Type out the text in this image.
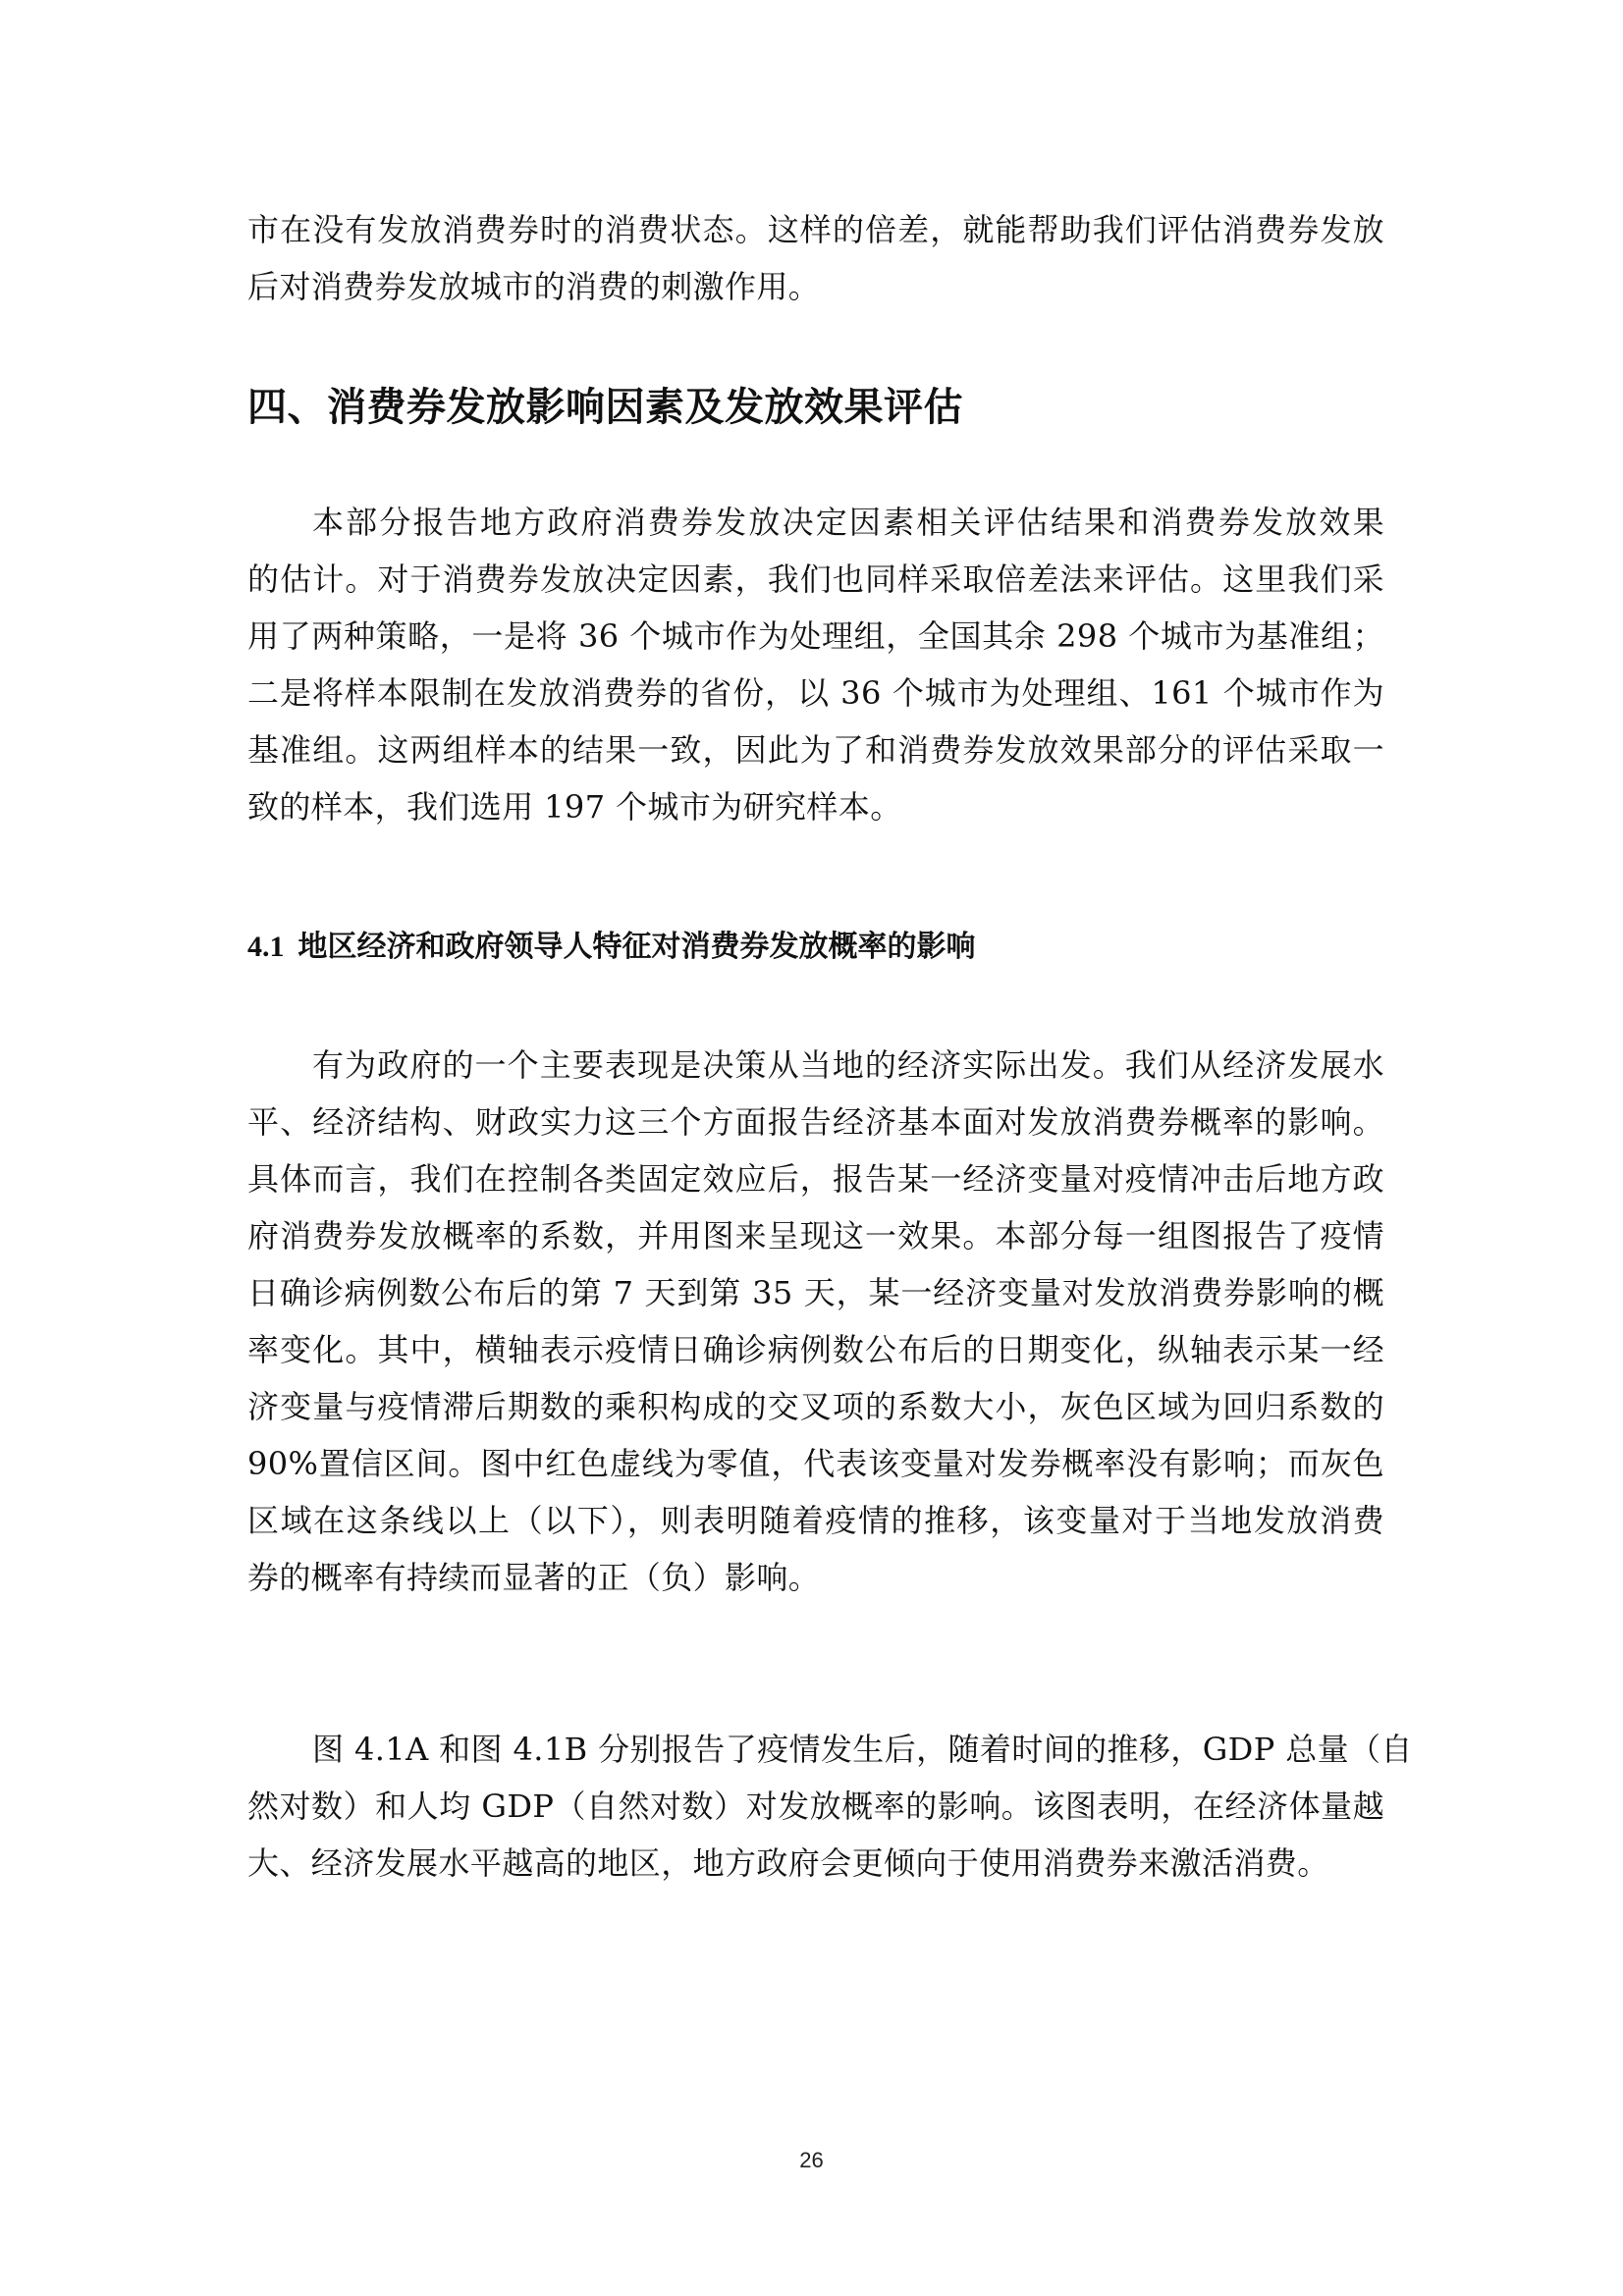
市在没有发放消费券时的消费状态。这样的倍差，就能帮助我们评估消费券发放
后对消费券发放城市的消费的刺激作用。
四、消费券发放影响因素及发放效果评估
本部分报告地方政府消费券发放决定因素相关评估结果和消费券发放效果
的估计。对于消费券发放决定因素，我们也同样采取倍差法来评估。这里我们采
用了两种策略，一是将 36 个城市作为处理组，全国其余 298 个城市为基准组；
二是将样本限制在发放消费券的省份，以 36 个城市为处理组、161 个城市作为
基准组。这两组样本的结果一致，因此为了和消费券发放效果部分的评估采取一
致的样本，我们选用 197 个城市为研究样本。
4.1 地区经济和政府领导人特征对消费券发放概率的影响
有为政府的一个主要表现是决策从当地的经济实际出发。我们从经济发展水
平、经济结构、财政实力这三个方面报告经济基本面对发放消费券概率的影响。
具体而言，我们在控制各类固定效应后，报告某一经济变量对疫情冲击后地方政
府消费券发放概率的系数，并用图来呈现这一效果。本部分每一组图报告了疫情
日确诊病例数公布后的第 7 天到第 35 天，某一经济变量对发放消费券影响的概
率变化。其中，横轴表示疫情日确诊病例数公布后的日期变化，纵轴表示某一经
济变量与疫情滞后期数的乘积构成的交叉项的系数大小，灰色区域为回归系数的
90%置信区间。图中红色虚线为零值，代表该变量对发券概率没有影响；而灰色
区域在这条线以上（以下），则表明随着疫情的推移，该变量对于当地发放消费
券的概率有持续而显著的正（负）影响。
图 4.1A 和图 4.1B 分别报告了疫情发生后，随着时间的推移，GDP 总量（自
然对数）和人均 GDP（自然对数）对发放概率的影响。该图表明，在经济体量越
大、经济发展水平越高的地区，地方政府会更倾向于使用消费券来激活消费。
26
